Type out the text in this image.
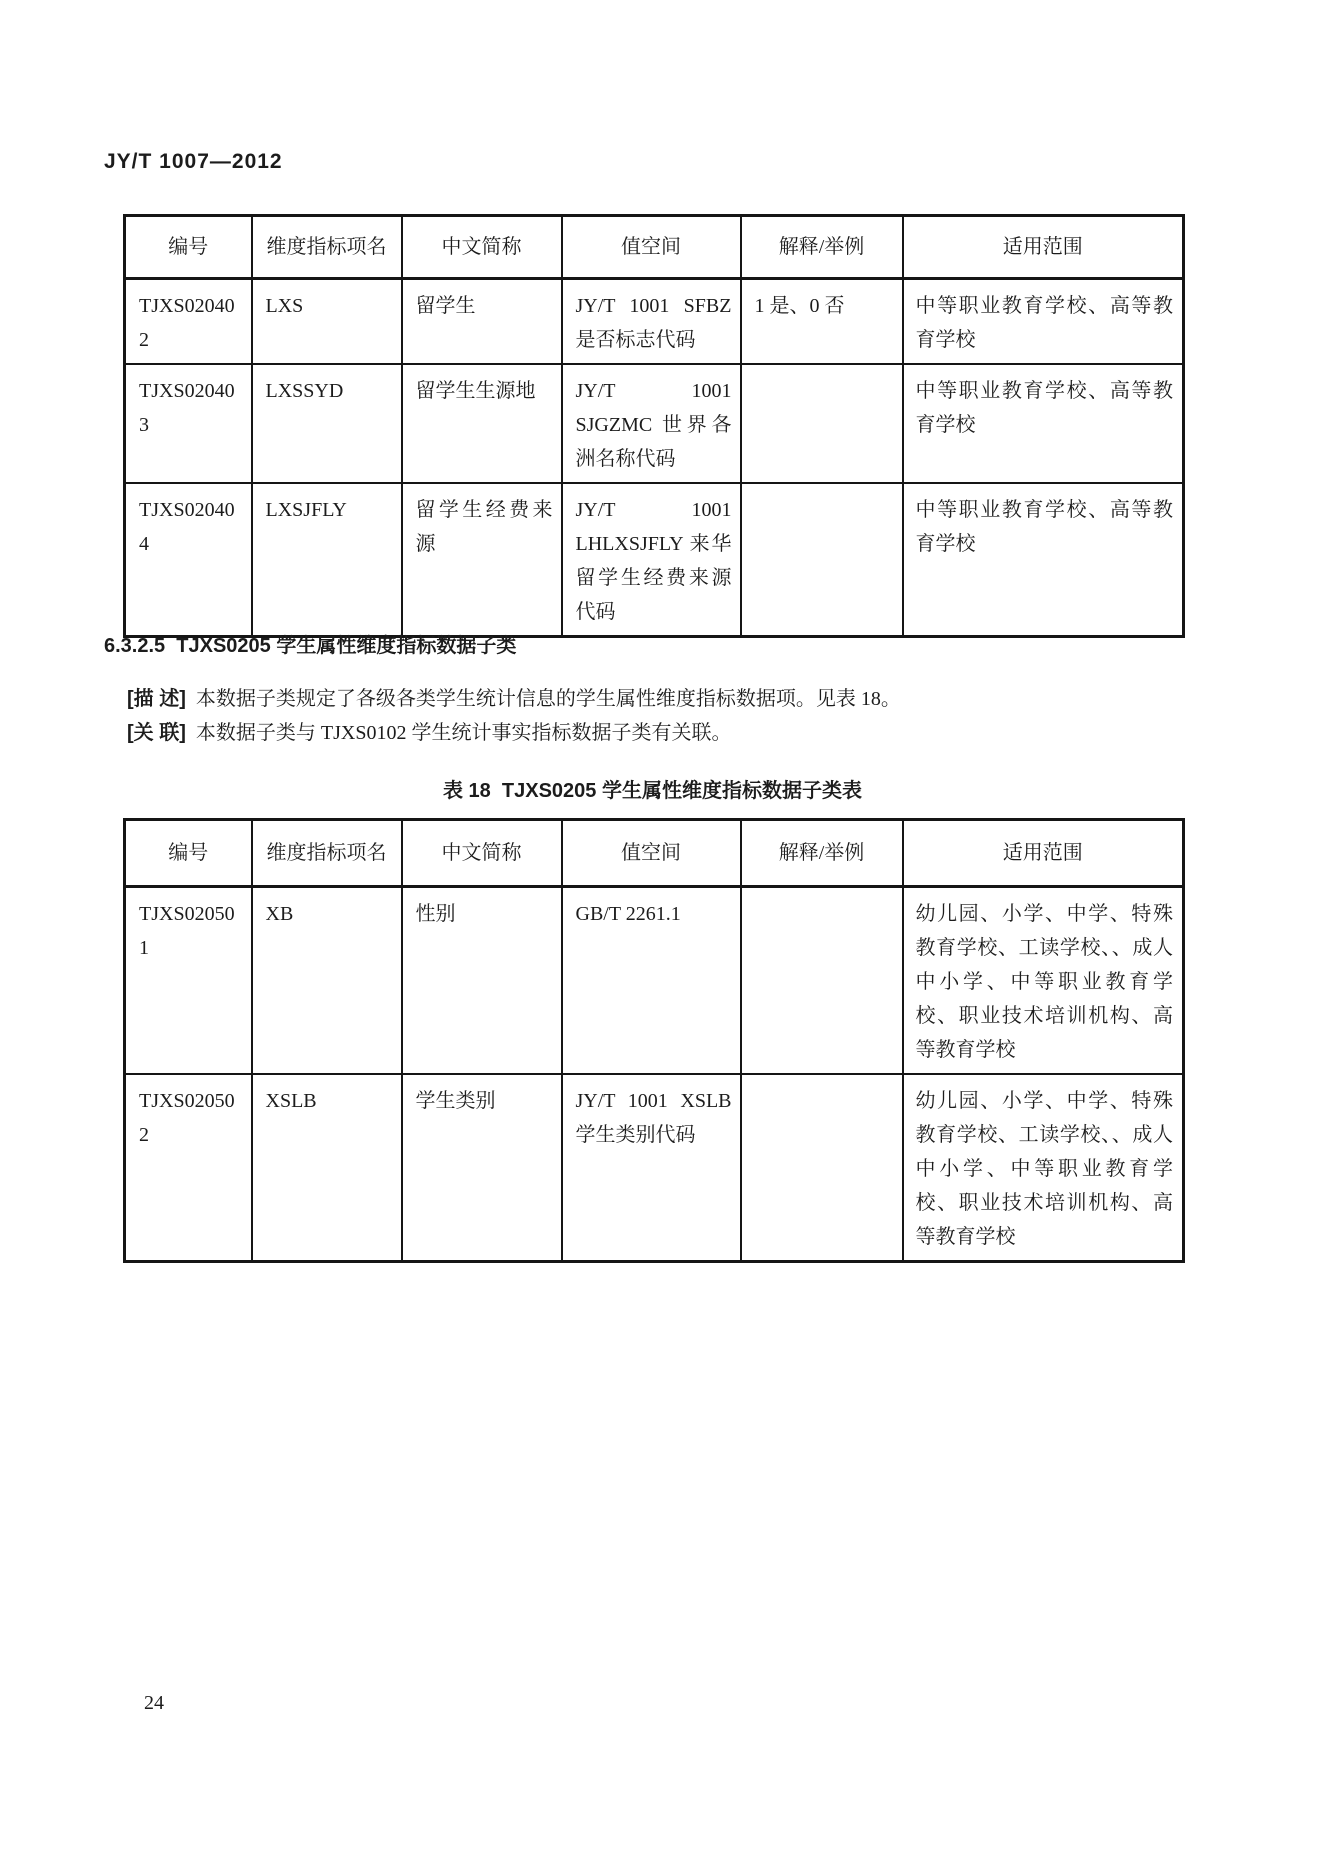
JY/T 1007—2012
编号	维度指标项名	中文简称	值空间	解释/举例	适用范围
TJXS020402	LXS	留学生	JY/T 1001 SFBZ 是否标志代码	1 是、0 否	中等职业教育学校、高等教育学校
TJXS020403	LXSSYD	留学生生源地	JY/T 1001 SJGZMC 世界各洲名称代码		中等职业教育学校、高等教育学校
TJXS020404	LXSJFLY	留学生经费来源	JY/T 1001 LHLXSJFLY 来华留学生经费来源代码		中等职业教育学校、高等教育学校
6.3.2.5  TJXS0205 学生属性维度指标数据子类
[描 述] 本数据子类规定了各级各类学生统计信息的学生属性维度指标数据项。见表 18。
[关 联] 本数据子类与 TJXS0102 学生统计事实指标数据子类有关联。
表 18  TJXS0205 学生属性维度指标数据子类表
编号	维度指标项名	中文简称	值空间	解释/举例	适用范围
TJXS020501	XB	性别	GB/T 2261.1		幼儿园、小学、中学、特殊教育学校、工读学校、、成人中小学、中等职业教育学校、职业技术培训机构、高等教育学校
TJXS020502	XSLB	学生类别	JY/T 1001 XSLB 学生类别代码		幼儿园、小学、中学、特殊教育学校、工读学校、、成人中小学、中等职业教育学校、职业技术培训机构、高等教育学校
24
